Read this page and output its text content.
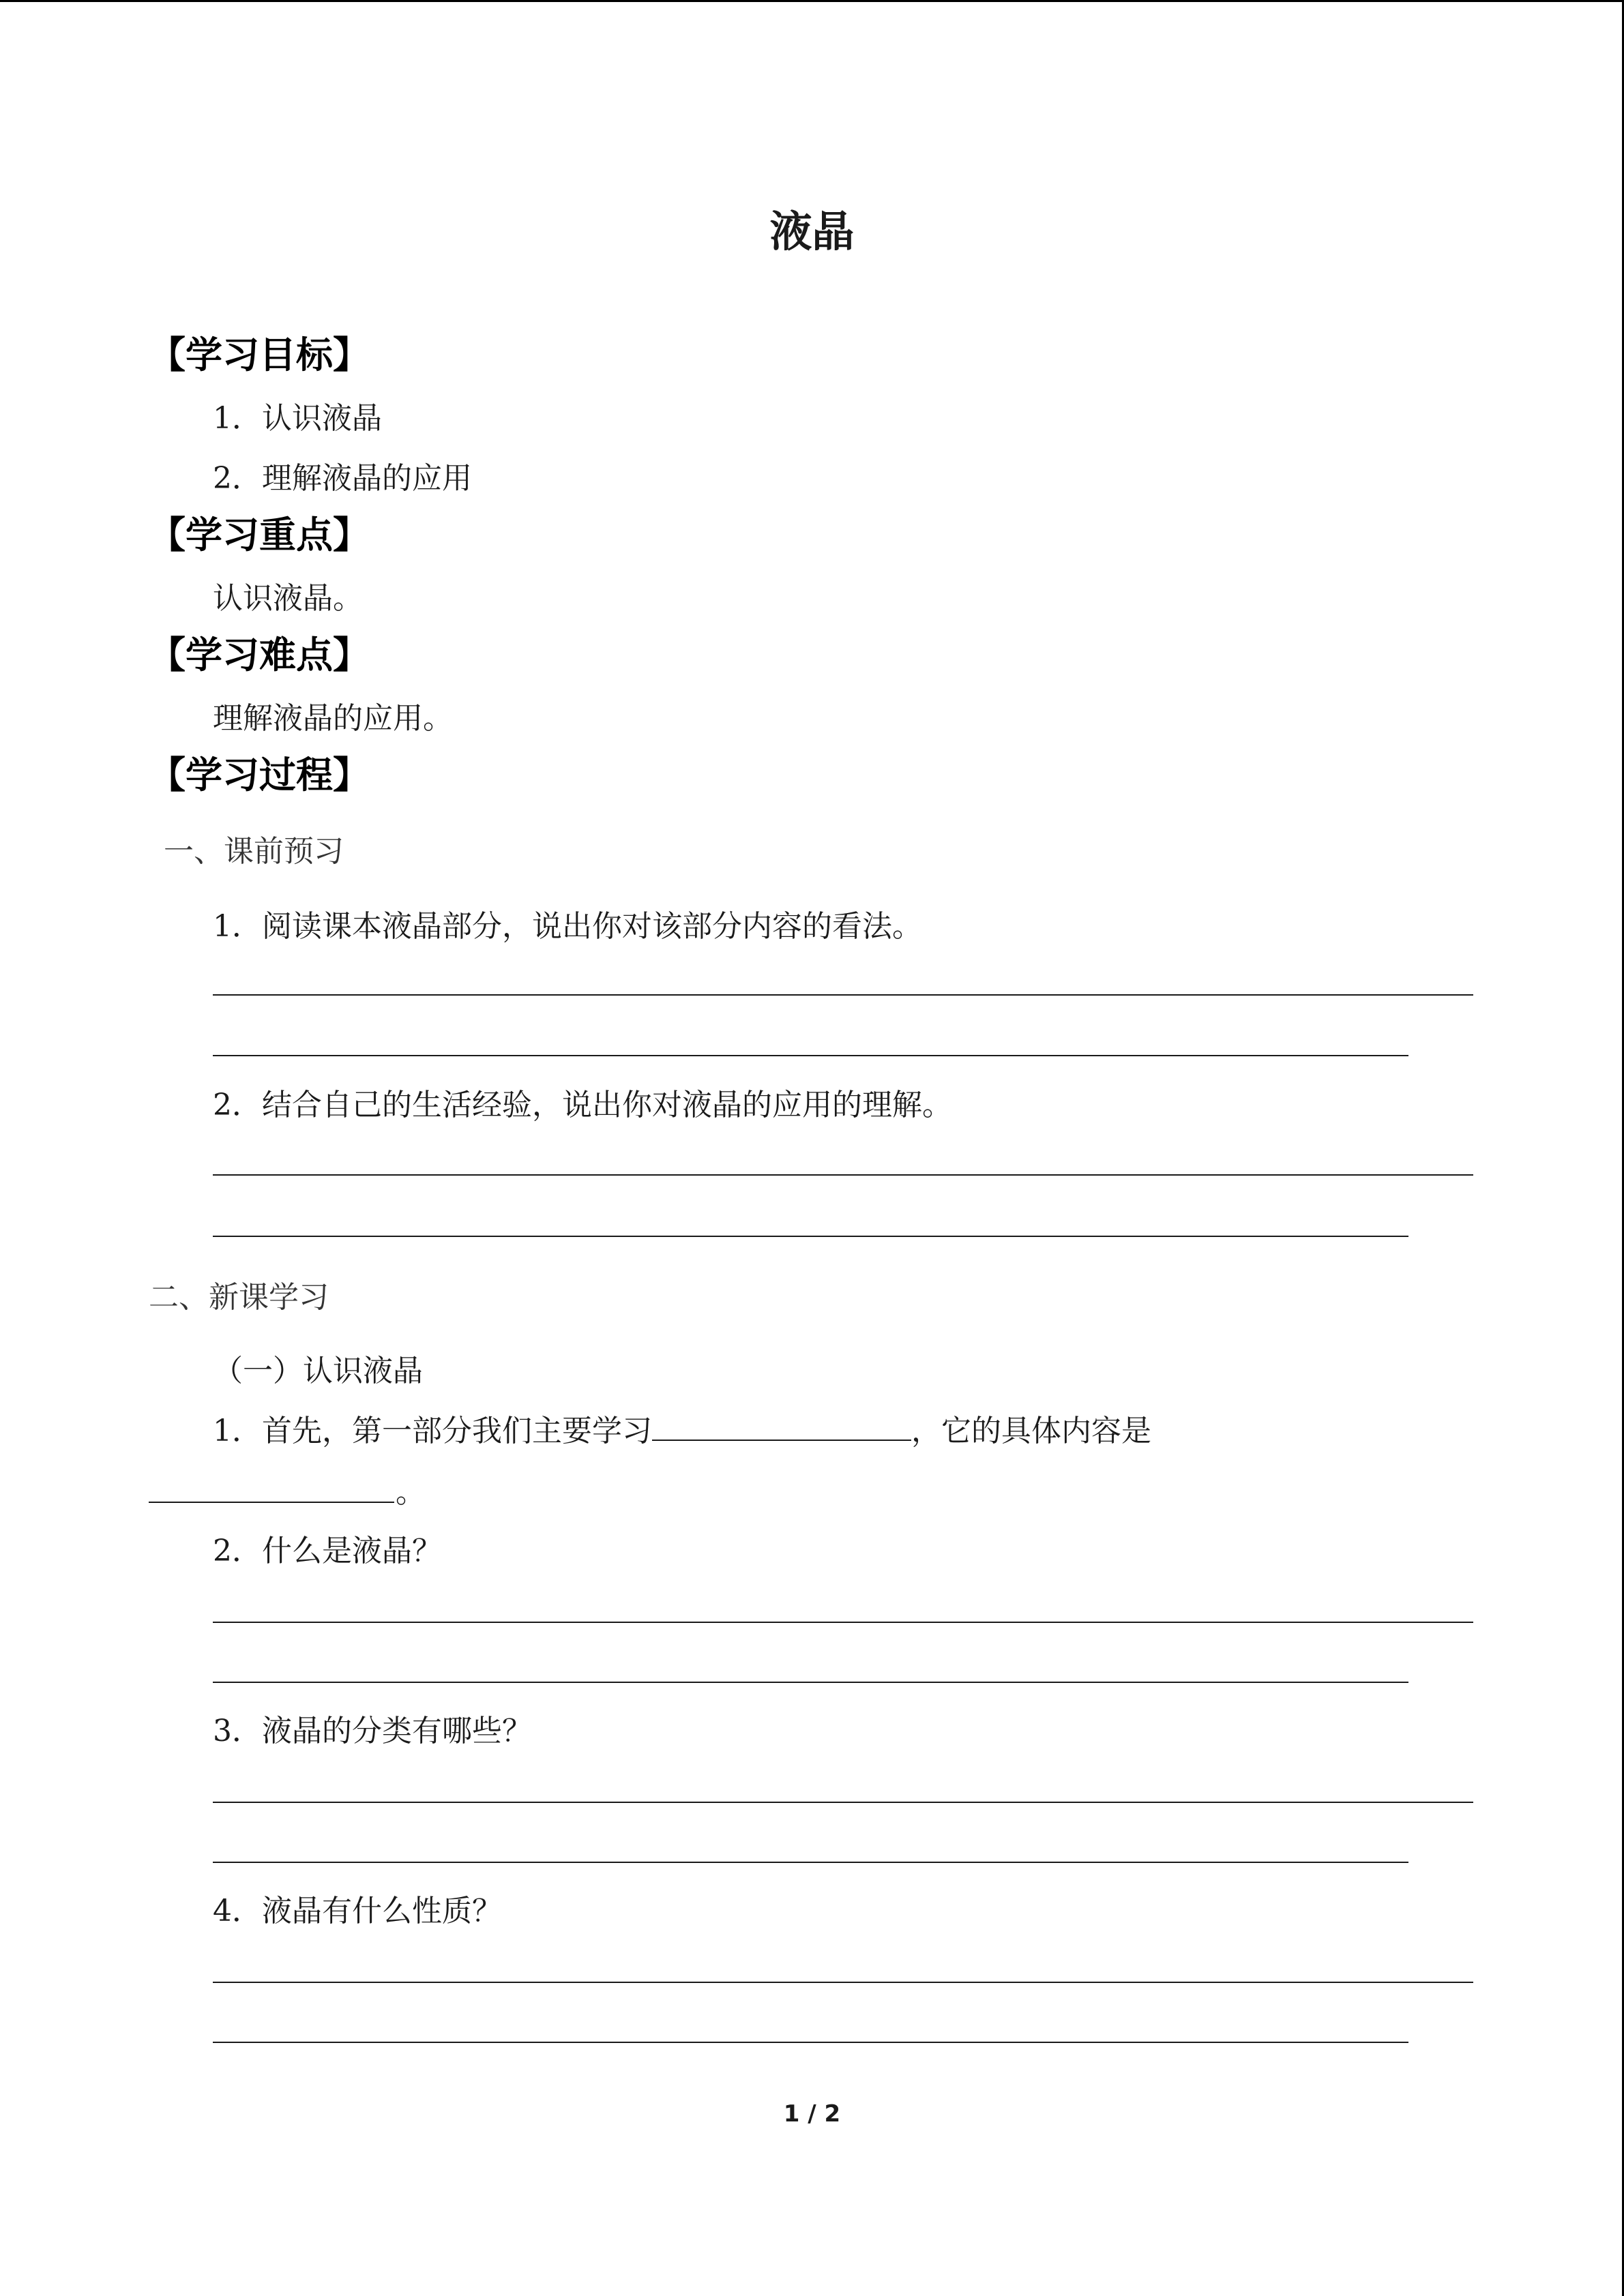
液晶
【学习目标】
1．认识液晶
2．理解液晶的应用
【学习重点】
认识液晶。
【学习难点】
理解液晶的应用。
【学习过程】
一、课前预习
1．阅读课本液晶部分，说出你对该部分内容的看法。
2．结合自己的生活经验，说出你对液晶的应用的理解。
二、新课学习
（一）认识液晶
1．首先，第一部分我们主要学习	，它的具体内容是
。
2．什么是液晶？
3．液晶的分类有哪些？
4．液晶有什么性质？
1 / 2
